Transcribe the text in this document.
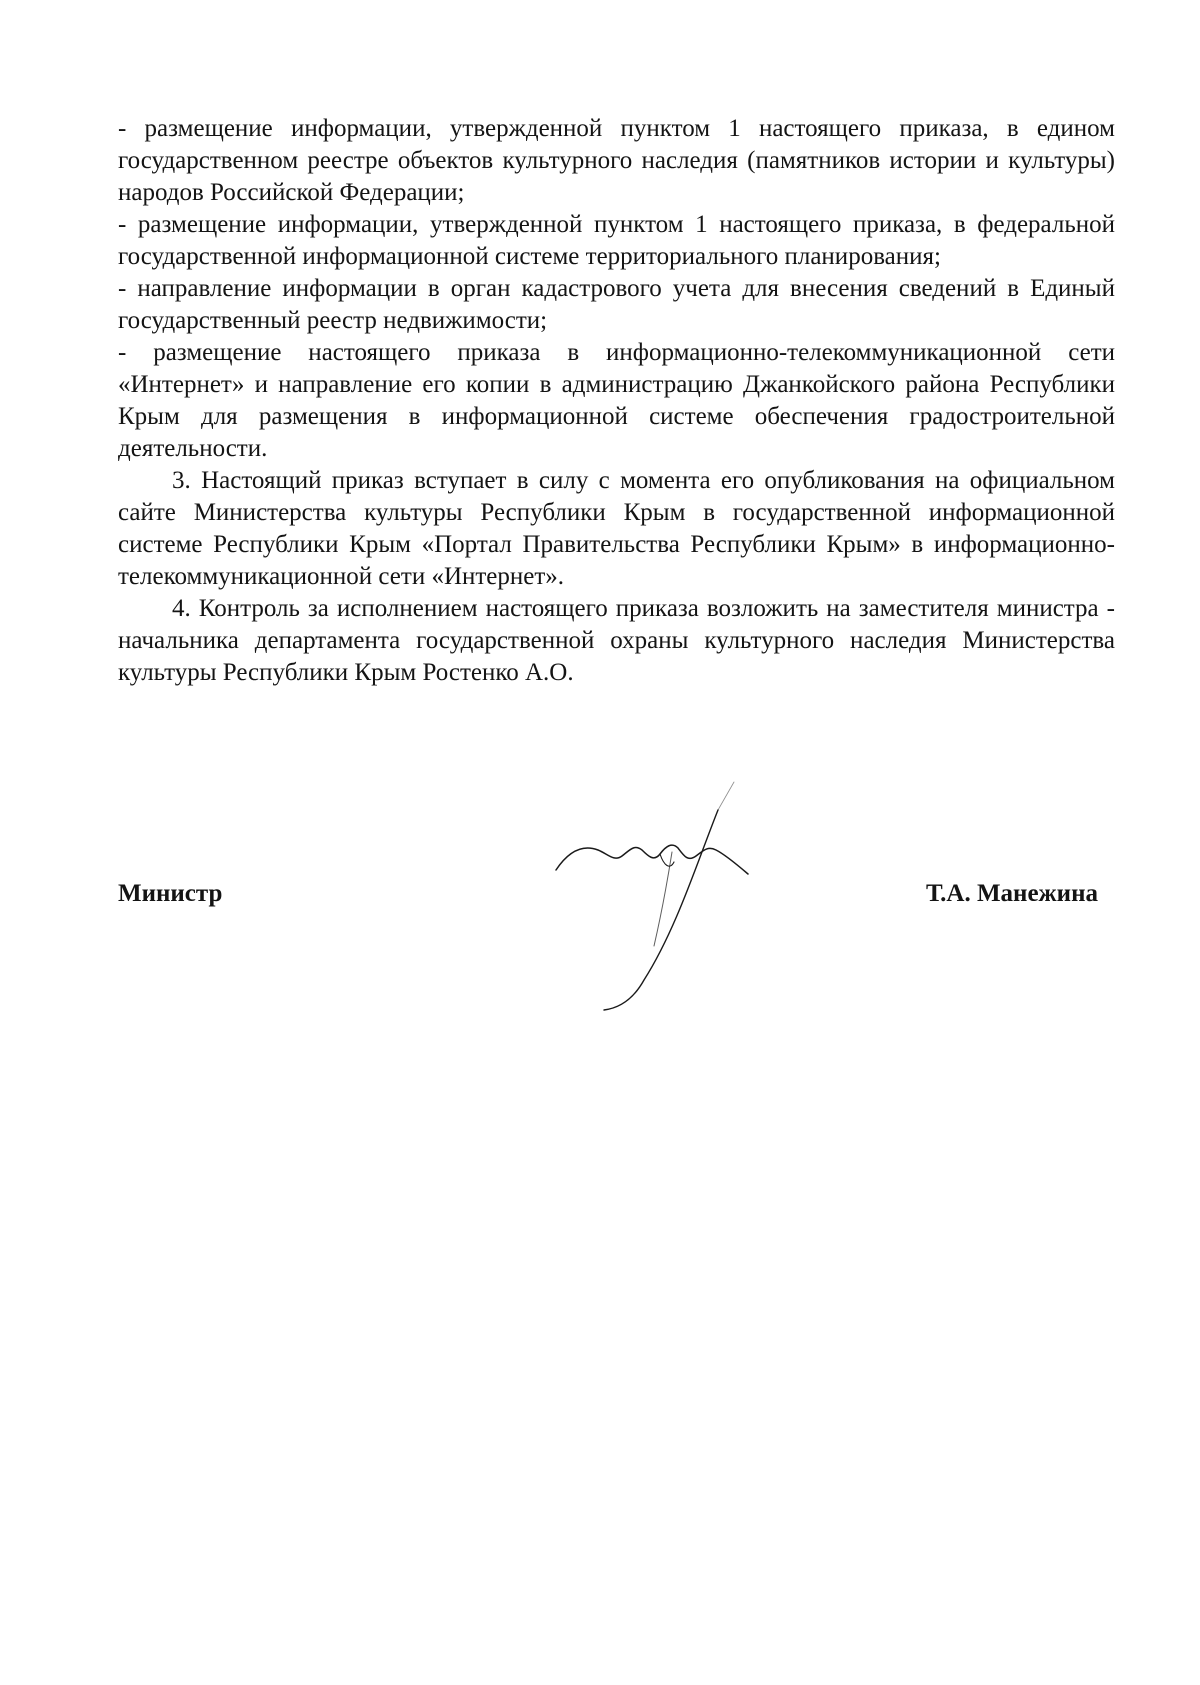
- размещение информации, утвержденной пунктом 1 настоящего приказа, в едином государственном реестре объектов культурного наследия (памятников истории и культуры) народов Российской Федерации;

- размещение информации, утвержденной пунктом 1 настоящего приказа, в федеральной государственной информационной системе территориального планирования;

- направление информации в орган кадастрового учета для внесения сведений в Единый государственный реестр недвижимости;

- размещение настоящего приказа в информационно-телекоммуникационной сети «Интернет» и направление его копии в администрацию Джанкойского района Республики Крым для размещения в информационной системе обеспечения градостроительной деятельности.

3. Настоящий приказ вступает в силу с момента его опубликования на официальном сайте Министерства культуры Республики Крым в государственной информационной системе Республики Крым «Портал Правительства Республики Крым» в информационно-телекоммуникационной сети «Интернет».

4. Контроль за исполнением настоящего приказа возложить на заместителя министра - начальника департамента государственной охраны культурного наследия Министерства культуры Республики Крым Ростенко А.О.

Министр	Т.А. Манежина
